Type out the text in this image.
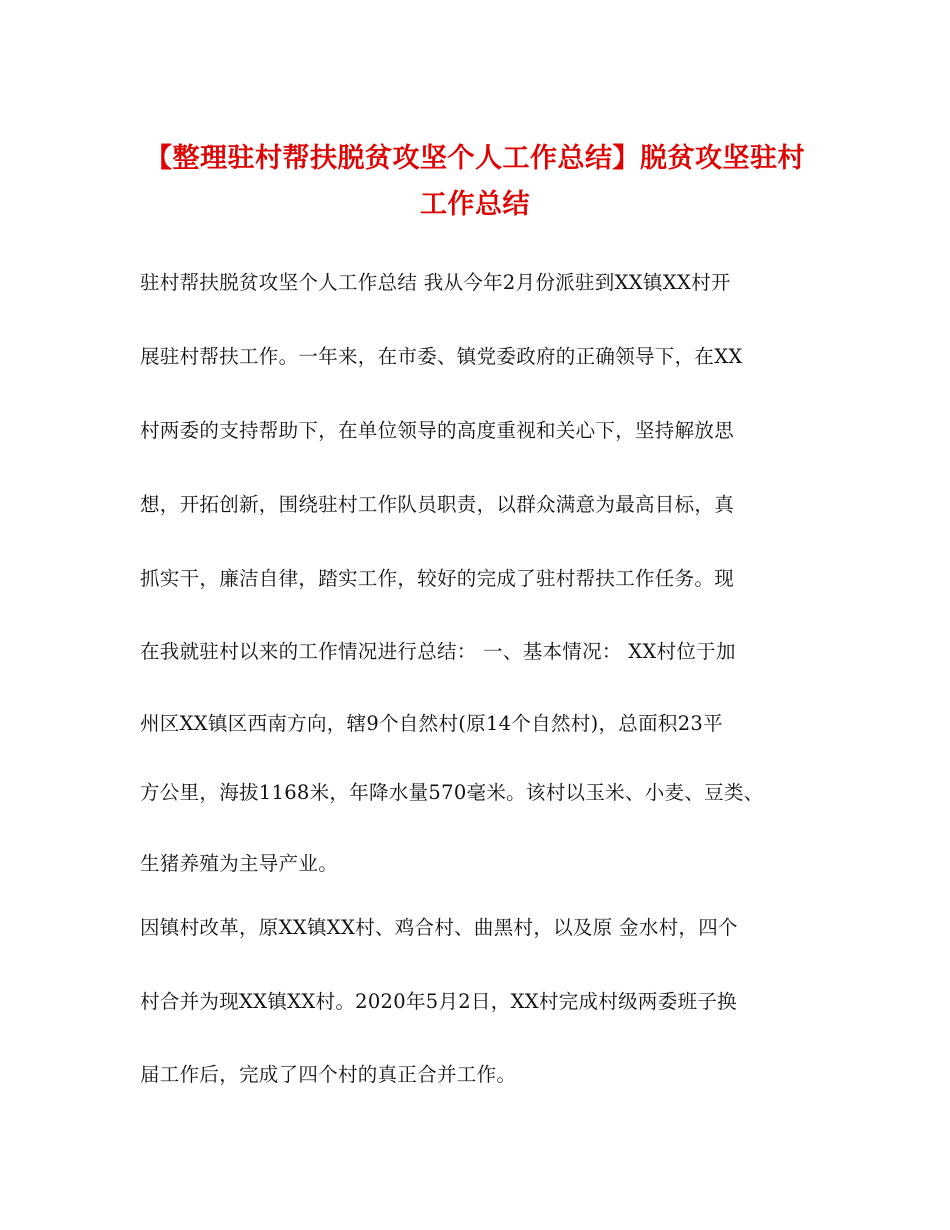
【整理驻村帮扶脱贫攻坚个人工作总结】脱贫攻坚驻村
工作总结
驻村帮扶脱贫攻坚个人工作总结 我从今年2月份派驻到XX镇XX村开
展驻村帮扶工作。一年来，在市委、镇党委政府的正确领导下，在XX
村两委的支持帮助下，在单位领导的高度重视和关心下，坚持解放思
想，开拓创新，围绕驻村工作队员职责，以群众满意为最高目标，真
抓实干，廉洁自律，踏实工作，较好的完成了驻村帮扶工作任务。现
在我就驻村以来的工作情况进行总结： 一、基本情况： XX村位于加
州区XX镇区西南方向，辖9个自然村(原14个自然村)，总面积23平
方公里，海拔1168米，年降水量570毫米。该村以玉米、小麦、豆类、
生猪养殖为主导产业。
因镇村改革，原XX镇XX村、鸡合村、曲黑村，以及原 金水村，四个
村合并为现XX镇XX村。2020年5月2日，XX村完成村级两委班子换
届工作后，完成了四个村的真正合并工作。
